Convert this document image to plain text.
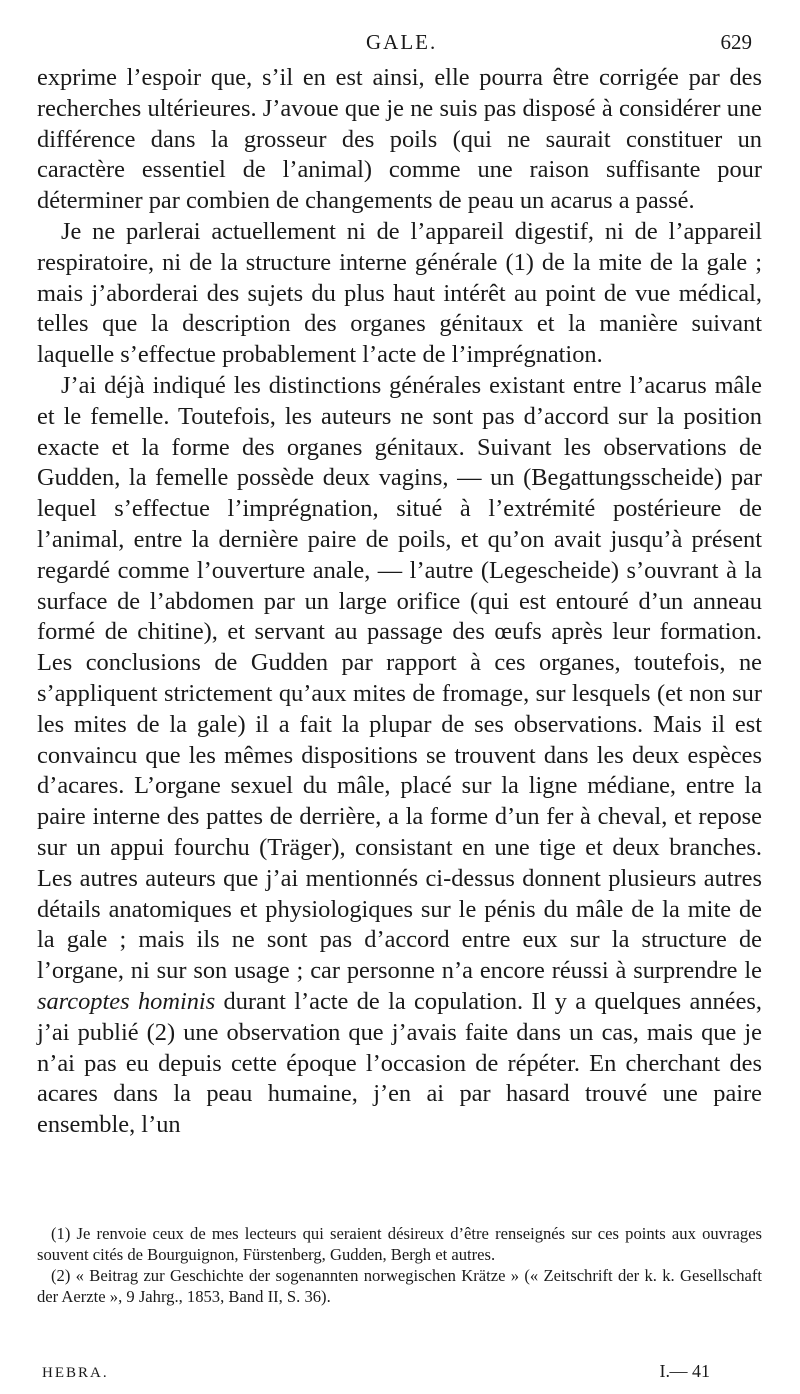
GALE.	629

exprime l’espoir que, s’il en est ainsi, elle pourra être corrigée par des recherches ultérieures. J’avoue que je ne suis pas disposé à considérer une différence dans la grosseur des poils (qui ne saurait constituer un caractère essentiel de l’animal) comme une raison suffisante pour déterminer par combien de changements de peau un acarus a passé.

Je ne parlerai actuellement ni de l’appareil digestif, ni de l’appareil respiratoire, ni de la structure interne générale (1) de la mite de la gale ; mais j’aborderai des sujets du plus haut intérêt au point de vue médical, telles que la description des organes génitaux et la manière suivant laquelle s’effectue probablement l’acte de l’imprégnation.

J’ai déjà indiqué les distinctions générales existant entre l’acarus mâle et le femelle. Toutefois, les auteurs ne sont pas d’accord sur la position exacte et la forme des organes génitaux. Suivant les observations de Gudden, la femelle possède deux vagins, — un (Begattungsscheide) par lequel s’effectue l’imprégnation, situé à l’extrémité postérieure de l’animal, entre la dernière paire de poils, et qu’on avait jusqu’à présent regardé comme l’ouverture anale, — l’autre (Legescheide) s’ouvrant à la surface de l’abdomen par un large orifice (qui est entouré d’un anneau formé de chitine), et servant au passage des œufs après leur formation. Les conclusions de Gudden par rapport à ces organes, toutefois, ne s’appliquent strictement qu’aux mites de fromage, sur lesquels (et non sur les mites de la gale) il a fait la plupar de ses observations. Mais il est convaincu que les mêmes dispositions se trouvent dans les deux espèces d’acares. L’organe sexuel du mâle, placé sur la ligne médiane, entre la paire interne des pattes de derrière, a la forme d’un fer à cheval, et repose sur un appui fourchu (Träger), consistant en une tige et deux branches. Les autres auteurs que j’ai mentionnés ci-dessus donnent plusieurs autres détails anatomiques et physiologiques sur le pénis du mâle de la mite de la gale ; mais ils ne sont pas d’accord entre eux sur la structure de l’organe, ni sur son usage ; car personne n’a encore réussi à surprendre le sarcoptes hominis durant l’acte de la copulation. Il y a quelques années, j’ai publié (2) une observation que j’avais faite dans un cas, mais que je n’ai pas eu depuis cette époque l’occasion de répéter. En cherchant des acares dans la peau humaine, j’en ai par hasard trouvé une paire ensemble, l’un

(1) Je renvoie ceux de mes lecteurs qui seraient désireux d’être renseignés sur ces points aux ouvrages souvent cités de Bourguignon, Fürstenberg, Gudden, Bergh et autres.

(2) « Beitrag zur Geschichte der sogenannten norwegischen Krätze » (« Zeitschrift der k. k. Gesellschaft der Aerzte », 9 Jahrg., 1853, Band II, S. 36).

HEBRA.	I. — 41
